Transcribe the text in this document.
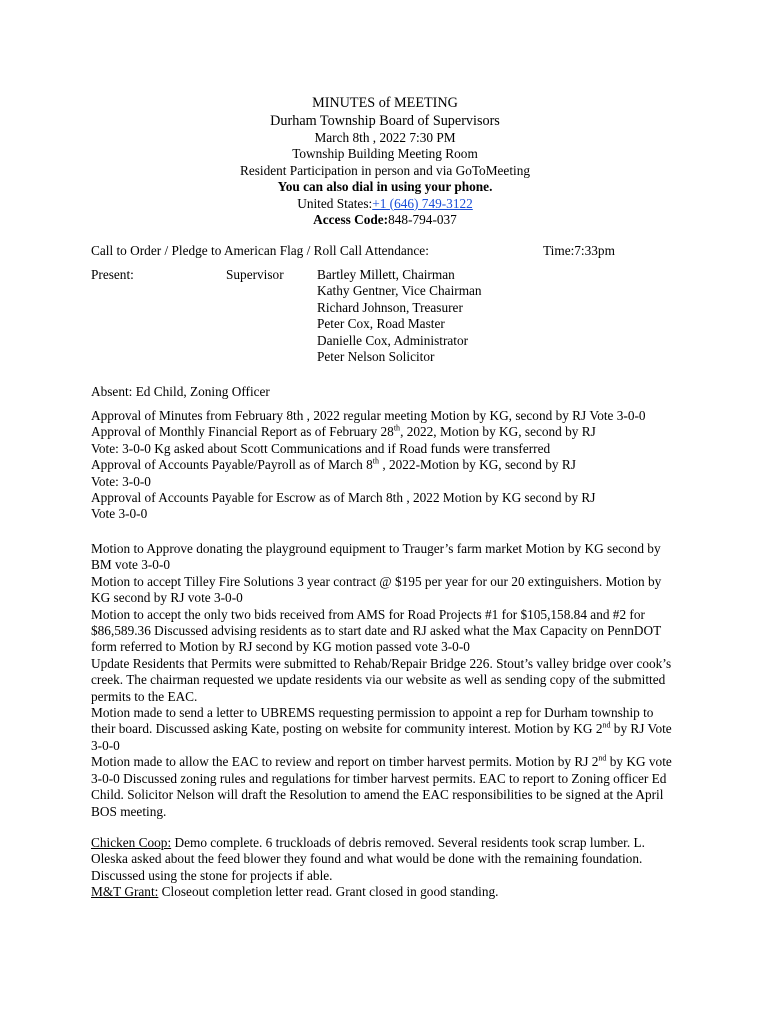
MINUTES of MEETING
Durham Township Board of Supervisors
March 8th , 2022 7:30 PM
Township Building Meeting Room
Resident Participation in person and via GoToMeeting
You can also dial in using your phone.
United States:+1 (646) 749-3122
Access Code:848-794-037
Call to Order / Pledge to American Flag / Roll Call Attendance:	Time:7:33pm
Present:	Supervisor	Bartley Millett, Chairman
Kathy Gentner, Vice Chairman
Richard Johnson, Treasurer
Peter Cox, Road Master
Danielle Cox, Administrator
Peter Nelson Solicitor

Absent: Ed Child, Zoning Officer

Approval of Minutes from February 8th , 2022 regular meeting Motion by KG, second by RJ Vote 3-0-0

Approval of Monthly Financial Report as of February 28th, 2022, Motion by KG, second by RJ

Vote: 3-0-0 Kg asked about Scott Communications and if Road funds were transferred

Approval of Accounts Payable/Payroll as of March 8th , 2022-Motion by KG, second by RJ

Vote: 3-0-0

Approval of Accounts Payable for Escrow as of March 8th , 2022 Motion by KG second by RJ

Vote 3-0-0

Motion to Approve donating the playground equipment to Trauger’s farm market Motion by KG second by BM vote 3-0-0

Motion to accept Tilley Fire Solutions 3 year contract @ $195 per year for our 20 extinguishers. Motion by KG second by RJ vote 3-0-0

Motion to accept the only two bids received from AMS for Road Projects #1 for $105,158.84 and #2 for $86,589.36 Discussed advising residents as to start date and RJ asked what the Max Capacity on PennDOT form referred to Motion by RJ second by KG motion passed vote 3-0-0

Update Residents that Permits were submitted to Rehab/Repair Bridge 226. Stout’s valley bridge over cook’s creek. The chairman requested we update residents via our website as well as sending copy of the submitted permits to the EAC.

Motion made to send a letter to UBREMS requesting permission to appoint a rep for Durham township to their board. Discussed asking Kate, posting on website for community interest. Motion by KG 2nd by RJ Vote 3-0-0

Motion made to allow the EAC to review and report on timber harvest permits. Motion by RJ 2nd by KG vote 3-0-0 Discussed zoning rules and regulations for timber harvest permits. EAC to report to Zoning officer Ed Child. Solicitor Nelson will draft the Resolution to amend the EAC responsibilities to be signed at the April BOS meeting.

Chicken Coop: Demo complete. 6 truckloads of debris removed. Several residents took scrap lumber. L. Oleska asked about the feed blower they found and what would be done with the remaining foundation. Discussed using the stone for projects if able.

M&T Grant: Closeout completion letter read. Grant closed in good standing.
